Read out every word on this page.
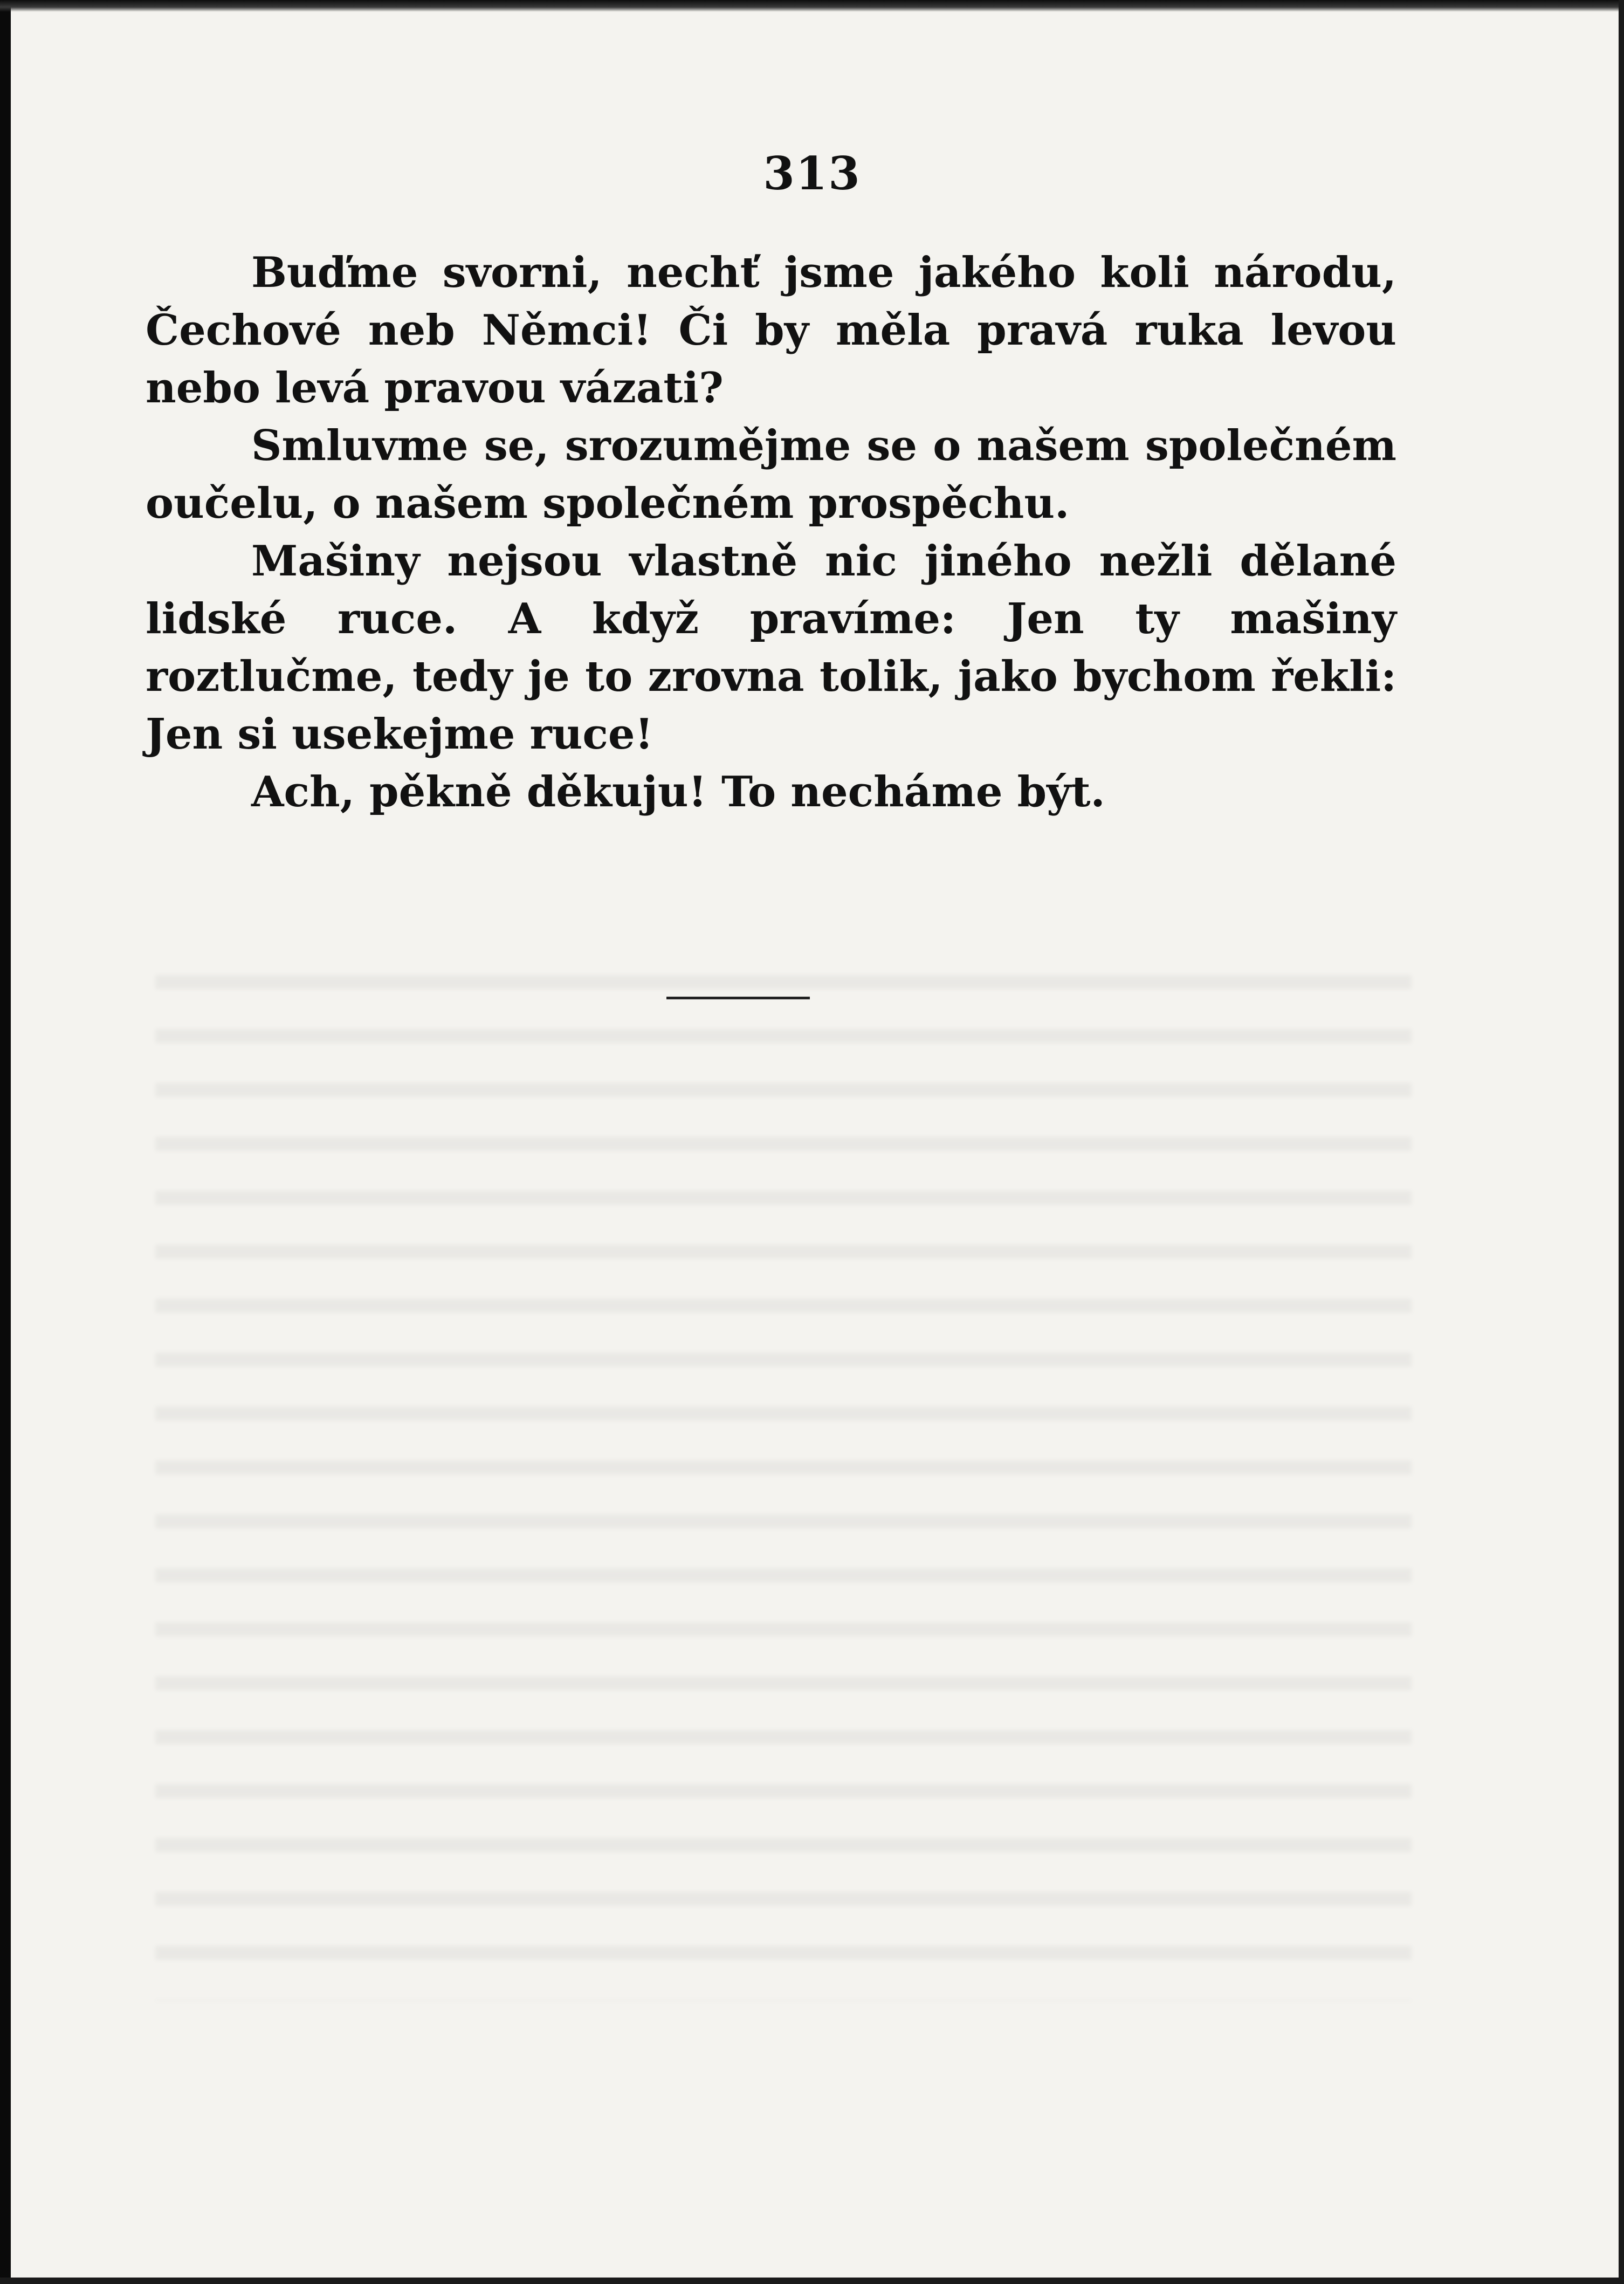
313

Buďme svorni, nechť jsme jakého koli národu, Čechové neb Němci! Či by měla pravá ruka levou nebo levá pravou vázati?

Smluvme se, srozumějme se o našem společném oučelu, o našem společném prospěchu.

Mašiny nejsou vlastně nic jiného nežli dělané lidské ruce. A když pravíme: Jen ty mašiny roztlučme, tedy je to zrovna tolik, jako bychom řekli: Jen si usekejme ruce!

Ach, pěkně děkuju! To necháme být.
